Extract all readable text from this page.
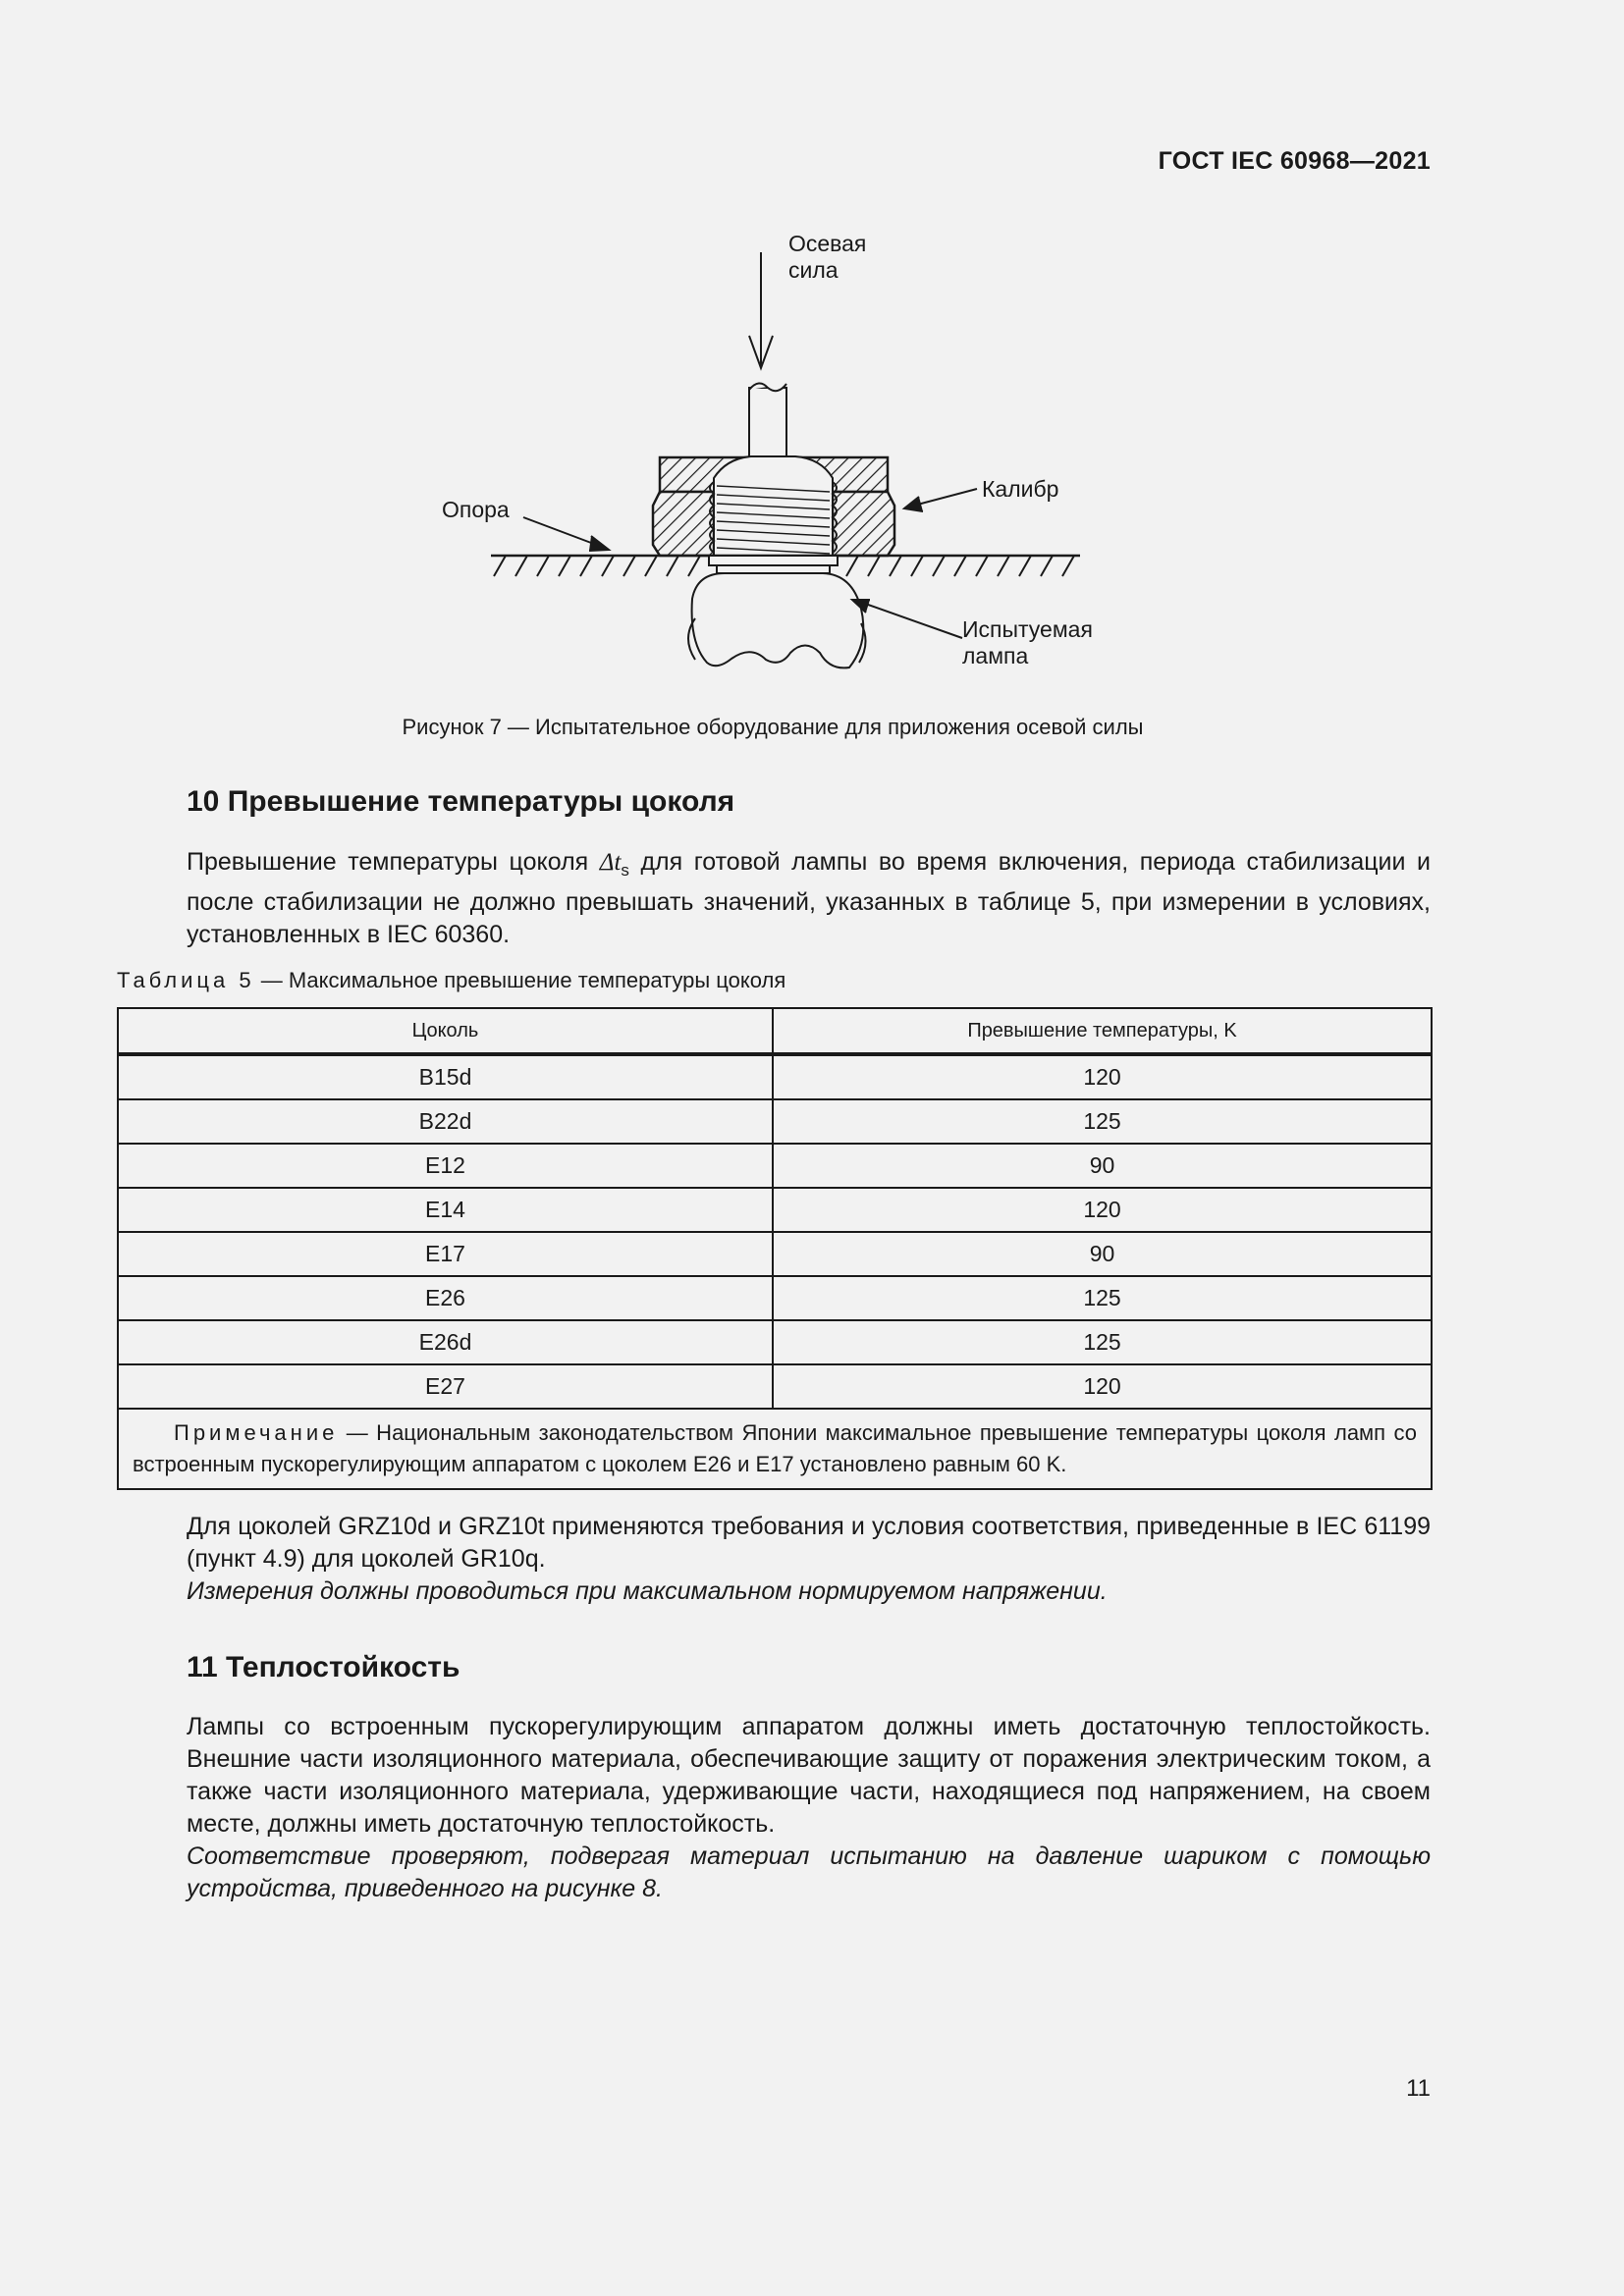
ГОСТ IEC 60968—2021
Осевая
сила
Опора
Калибр
Испытуемая
лампа
Рисунок 7 — Испытательное оборудование для приложения осевой силы
10 Превышение температуры цоколя
Превышение температуры цоколя $\Delta t_s$ для готовой лампы во время включения, периода стабилизации и после стабилизации не должно превышать значений, указанных в таблице 5, при измерении в условиях, установленных в IEC 60360.
Таблица 5 — Максимальное превышение температуры цоколя
Цоколь	Превышение температуры, K
B15d	120
B22d	125
E12	90
E14	120
E17	90
E26	125
E26d	125
E27	120
Примечание — Национальным законодательством Японии максимальное превышение температуры цоколя ламп со встроенным пускорегулирующим аппаратом с цоколем E26 и E17 установлено равным 60 K.	
Для цоколей GRZ10d и GRZ10t применяются требования и условия соответствия, приведенные в IEC 61199 (пункт 4.9) для цоколей GR10q.
Измерения должны проводиться при максимальном нормируемом напряжении.
11 Теплостойкость
Лампы со встроенным пускорегулирующим аппаратом должны иметь достаточную теплостойкость. Внешние части изоляционного материала, обеспечивающие защиту от поражения электрическим током, а также части изоляционного материала, удерживающие части, находящиеся под напряжением, на своем месте, должны иметь достаточную теплостойкость.
Соответствие проверяют, подвергая материал испытанию на давление шариком с помощью устройства, приведенного на рисунке 8.
11
